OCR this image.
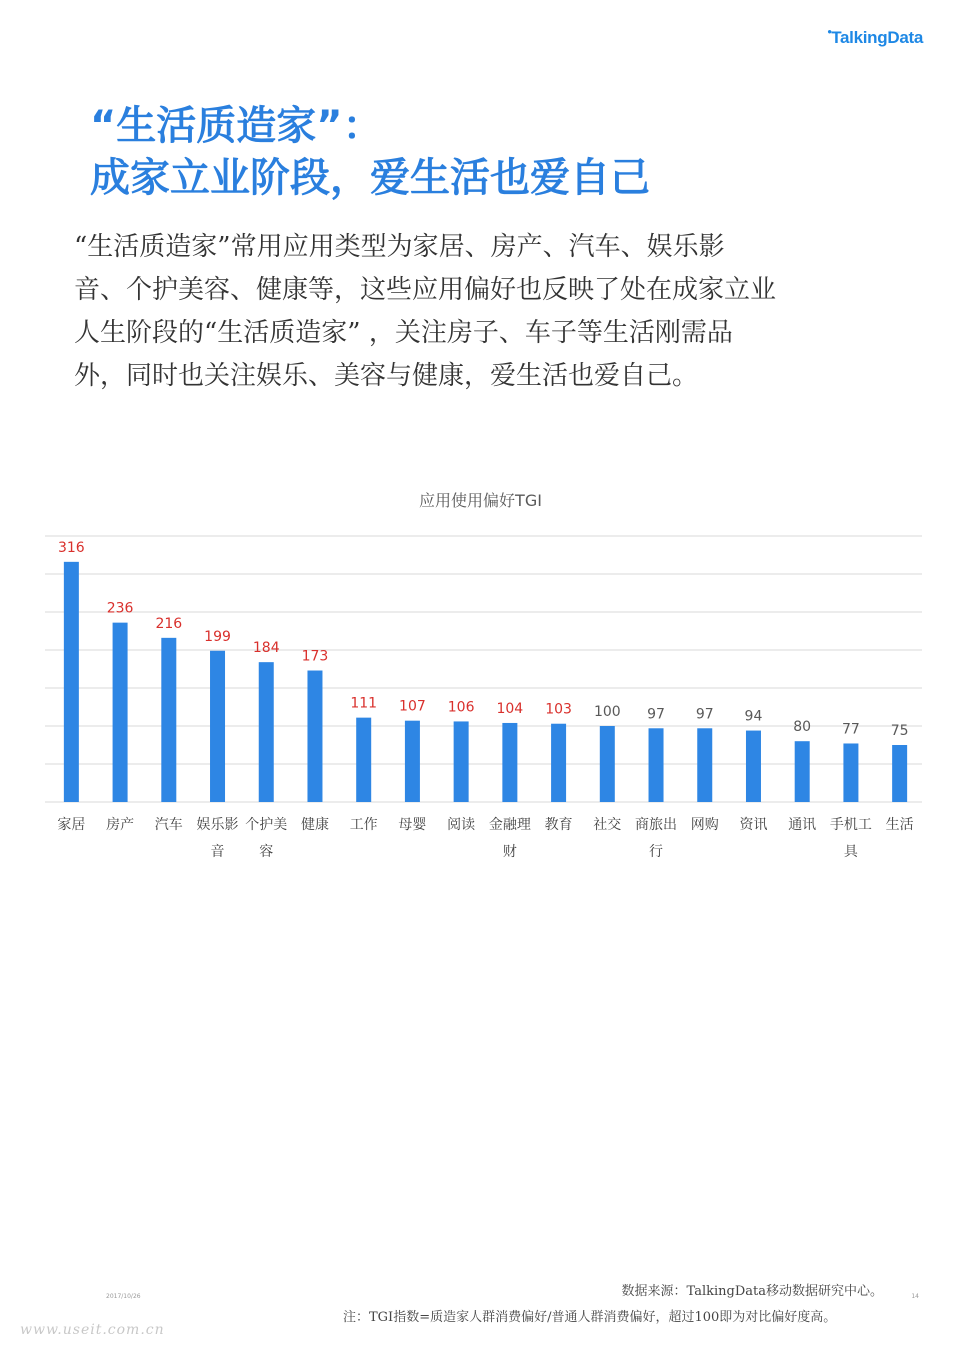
● TalkingData
“生活质造家”：
成家立业阶段，爱生活也爱自己

“生活质造家”常用应用类型为家居、房产、汽车、娱乐影

音、个护美容、健康等，这些应用偏好也反映了处在成家立业

人生阶段的“生活质造家” ，关注房子、车子等生活刚需品

外，同时也关注娱乐、美容与健康，爱生活也爱自己。

应用使用偏好TGI
316
家居
236
房产
216
汽车
199
娱乐影
音
184
个护美
容
173
健康
111
工作
107
母婴
106
阅读
104
金融理
财
103
教育
100
社交
97
商旅出
行
97
网购
94
资讯
80
通讯
77
手机工
具
75
生活
2017/10/26	数据来源：TalkingData移动数据研究中心。	14
注：TGI指数=质造家人群消费偏好/普通人群消费偏好，超过100即为对比偏好度高。
www.useit.com.cn
